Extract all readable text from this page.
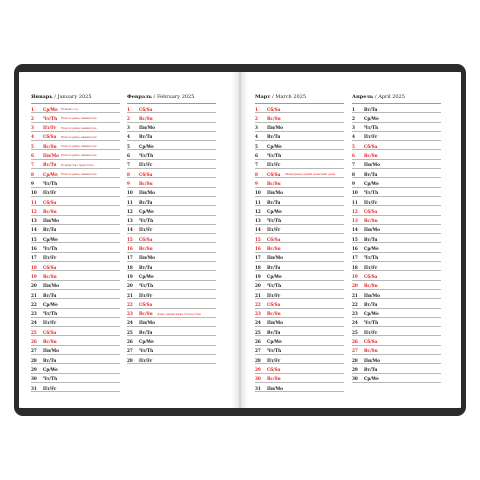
Январь / January 2025
1 Ср/We Новый год
2 Чт/Th Новогодние каникулы
3 Пт/Fr Новогодние каникулы
4 Сб/Sa Новогодние каникулы
5 Вс/Su Новогодние каникулы
6 Пн/Mo Новогодние каникулы
7 Вт/Tu Рождество Христово
8 Ср/We Новогодние каникулы
9 Чт/Th
10 Пт/Fr
11 Сб/Sa
12 Вс/Su
13 Пн/Mo
14 Вт/Tu
15 Ср/We
16 Чт/Th
17 Пт/Fr
18 Сб/Sa
19 Вс/Su
20 Пн/Mo
21 Вт/Tu
22 Ср/We
23 Чт/Th
24 Пт/Fr
25 Сб/Sa
26 Вс/Su
27 Пн/Mo
28 Вт/Tu
29 Ср/We
30 Чт/Th
31 Пт/Fr
Февраль / February 2025
1 Сб/Sa
2 Вс/Su
3 Пн/Mo
4 Вт/Tu
5 Ср/We
6 Чт/Th
7 Пт/Fr
8 Сб/Sa
9 Вс/Su
10 Пн/Mo
11 Вт/Tu
12 Ср/We
13 Чт/Th
14 Пт/Fr
15 Сб/Sa
16 Вс/Su
17 Пн/Mo
18 Вт/Tu
19 Ср/We
20 Чт/Th
21 Пт/Fr
22 Сб/Sa
23 Вс/Su День защитника Отечества
24 Пн/Mo
25 Вт/Tu
26 Ср/We
27 Чт/Th
28 Пт/Fr
Март / March 2025
1 Сб/Sa
2 Вс/Su
3 Пн/Mo
4 Вт/Tu
5 Ср/We
6 Чт/Th
7 Пт/Fr
8 Сб/Sa Международный женский день
9 Вс/Su
10 Пн/Mo
11 Вт/Tu
12 Ср/We
13 Чт/Th
14 Пт/Fr
15 Сб/Sa
16 Вс/Su
17 Пн/Mo
18 Вт/Tu
19 Ср/We
20 Чт/Th
21 Пт/Fr
22 Сб/Sa
23 Вс/Su
24 Пн/Mo
25 Вт/Tu
26 Ср/We
27 Чт/Th
28 Пт/Fr
29 Сб/Sa
30 Вс/Su
31 Пн/Mo
Апрель / April 2025
1 Вт/Tu
2 Ср/We
3 Чт/Th
4 Пт/Fr
5 Сб/Sa
6 Вс/Su
7 Пн/Mo
8 Вт/Tu
9 Ср/We
10 Чт/Th
11 Пт/Fr
12 Сб/Sa
13 Вс/Su
14 Пн/Mo
15 Вт/Tu
16 Ср/We
17 Чт/Th
18 Пт/Fr
19 Сб/Sa
20 Вс/Su
21 Пн/Mo
22 Вт/Tu
23 Ср/We
24 Чт/Th
25 Пт/Fr
26 Сб/Sa
27 Вс/Su
28 Пн/Mo
29 Вт/Tu
30 Ср/We
